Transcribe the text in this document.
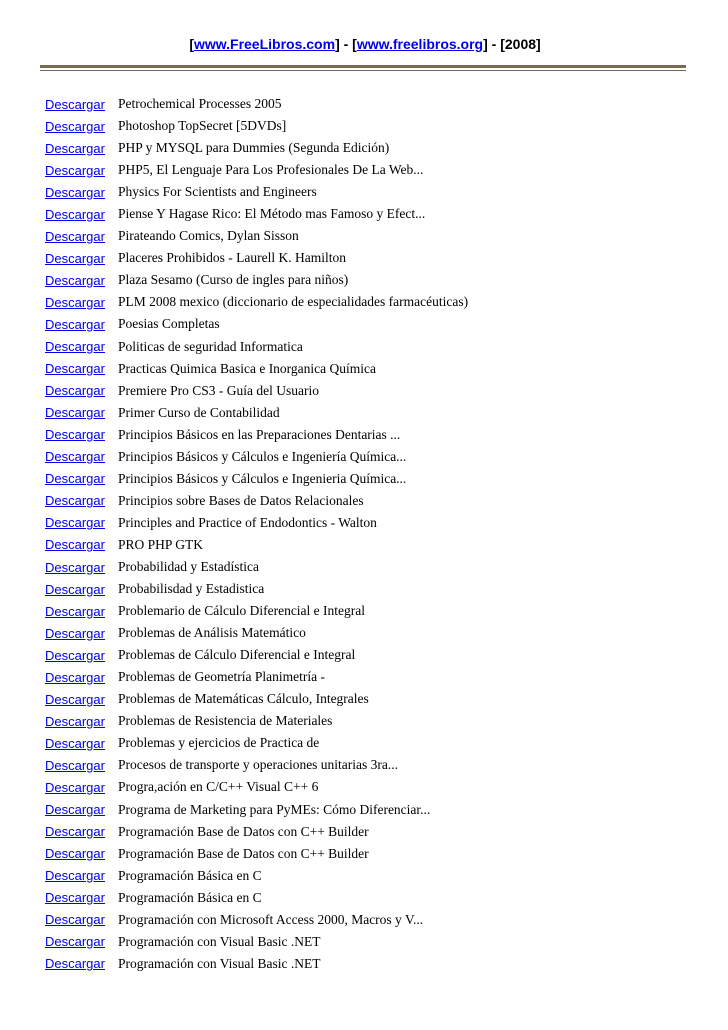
[www.FreeLibros.com] - [www.freelibros.org] - [2008]
Descargar Petrochemical Processes 2005
Descargar Photoshop TopSecret [5DVDs]
Descargar PHP y MYSQL para Dummies (Segunda Edición)
Descargar PHP5, El Lenguaje Para Los Profesionales De La Web...
Descargar Physics For Scientists and Engineers
Descargar Piense Y Hagase Rico: El Método mas Famoso y Efect...
Descargar Pirateando Comics, Dylan Sisson
Descargar Placeres Prohibidos - Laurell K. Hamilton
Descargar Plaza Sesamo (Curso de ingles para niños)
Descargar PLM 2008 mexico (diccionario de especialidades farmacéuticas)
Descargar Poesias Completas
Descargar Politicas de seguridad Informatica
Descargar Practicas Quimica Basica e Inorganica Química
Descargar Premiere Pro CS3 - Guía del Usuario
Descargar Primer Curso de Contabilidad
Descargar Principios Básicos en las Preparaciones Dentarias ...
Descargar Principios Básicos y Cálculos e Ingeniería Química...
Descargar Principios Básicos y Cálculos e Ingenieria Química...
Descargar Principios sobre Bases de Datos Relacionales
Descargar Principles and Practice of Endodontics - Walton
Descargar PRO PHP GTK
Descargar Probabilidad y Estadística
Descargar Probabilisdad y Estadistica
Descargar Problemario de Cálculo Diferencial e Integral
Descargar Problemas de Análisis Matemático
Descargar Problemas de Cálculo Diferencial e Integral
Descargar Problemas de Geometría Planimetría -
Descargar Problemas de Matemáticas Cálculo, Integrales
Descargar Problemas de Resistencia de Materiales
Descargar Problemas y ejercicios de Practica de
Descargar Procesos de transporte y operaciones unitarias 3ra...
Descargar Progra,ación en C/C++ Visual C++ 6
Descargar Programa de Marketing para PyMEs: Cómo Diferenciar...
Descargar Programación Base de Datos con C++ Builder
Descargar Programación Base de Datos con C++ Builder
Descargar Programación Básica en C
Descargar Programación Básica en C
Descargar Programación con Microsoft Access 2000, Macros y V...
Descargar Programación con Visual Basic .NET
Descargar Programación con Visual Basic .NET
